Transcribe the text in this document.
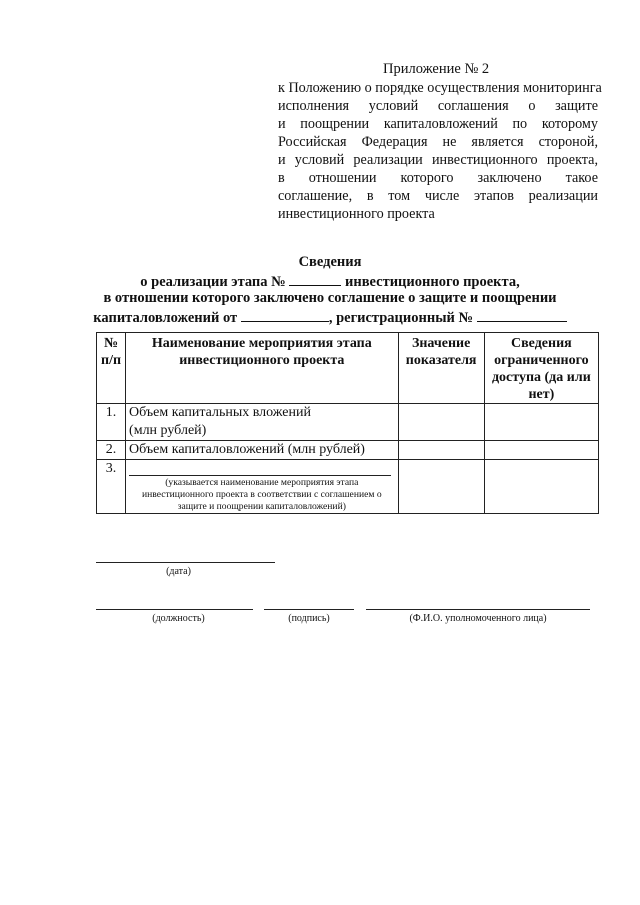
Приложение № 2
к Положению о порядке осуществления мониторинга
исполнения условий соглашения о защите
и поощрении капиталовложений по которому
Российская Федерация не является стороной,
и условий реализации инвестиционного проекта,
в отношении которого заключено такое
соглашение, в том числе этапов реализации
инвестиционного проекта
Сведения
о реализации этапа №	инвестиционного проекта,
в отношении которого заключено соглашение о защите и поощрении
капиталовложений от	, регистрационный №
№ п/п	Наименование мероприятия этапа инвестиционного проекта	Значение показателя	Сведения ограниченного доступа (да или нет)
1.	Объем капитальных вложений
(млн рублей)		
2.	Объем капиталовложений (млн рублей)		
3.	(указывается наименование мероприятия этапа инвестиционного проекта в соответствии с соглашением о защите и поощрении капиталовложений)		

(дата)
(должность)	(подпись)	(Ф.И.О. уполномоченного лица)
